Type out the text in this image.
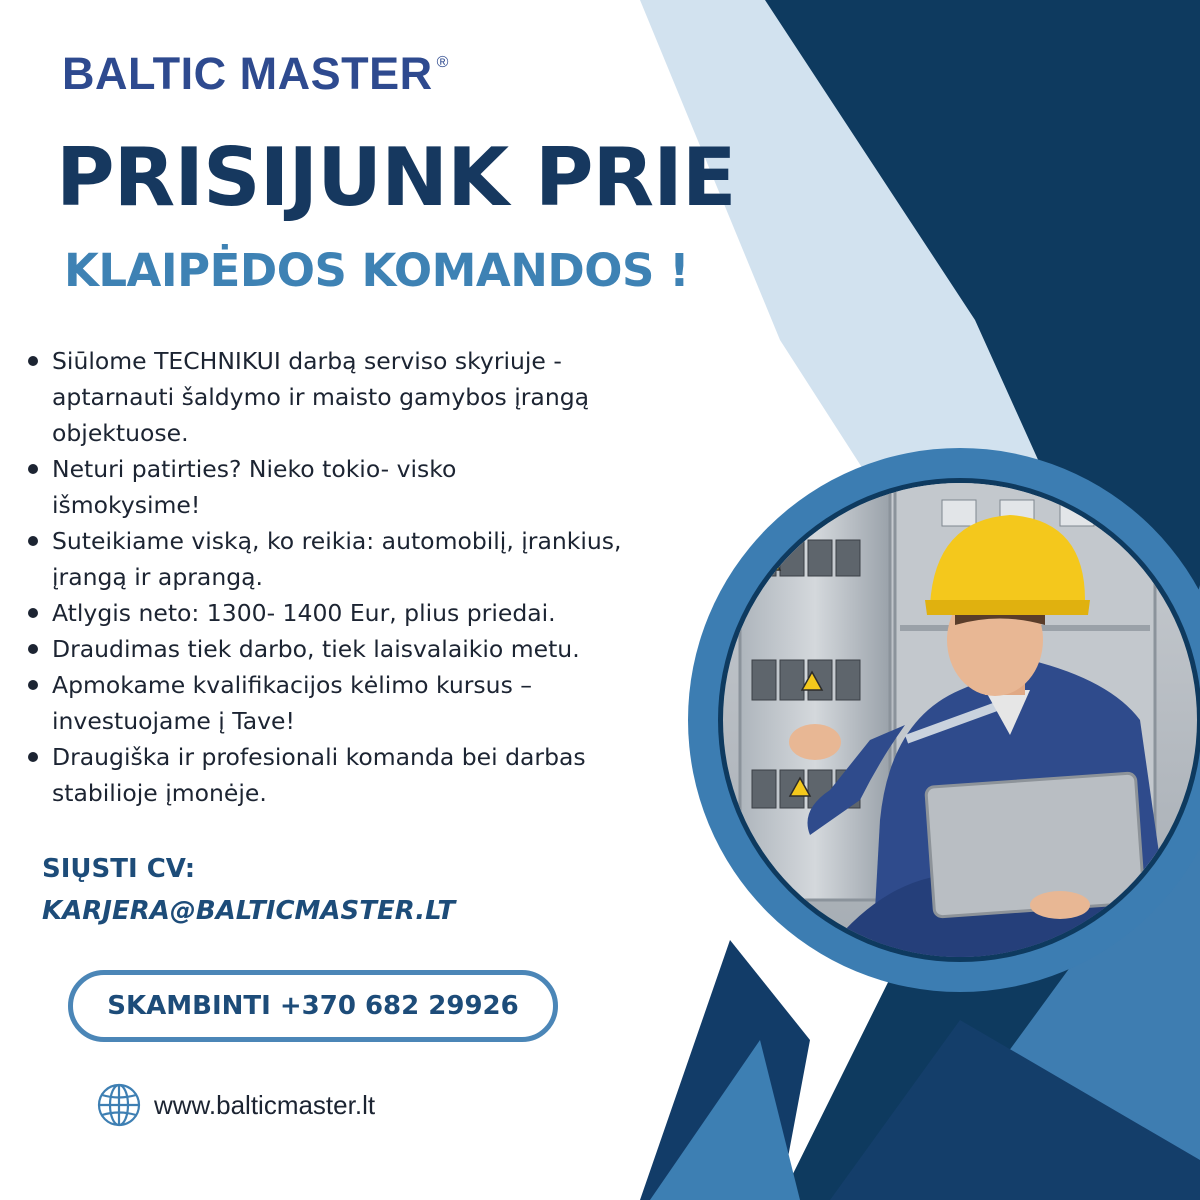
BALTIC MASTER ®
PRISIJUNK PRIE
KLAIPĖDOS KOMANDOS !
Siūlome TECHNIKUI darbą serviso skyriuje -
aptarnauti šaldymo ir maisto gamybos įrangą
objektuose.
Neturi patirties? Nieko tokio- visko
išmokysime!
Suteikiame viską, ko reikia: automobilį, įrankius,
įrangą ir aprangą.
Atlygis neto: 1300- 1400 Eur, plius priedai.
Draudimas tiek darbo, tiek laisvalaikio metu.
Apmokame kvalifikacijos kėlimo kursus –
investuojame į Tave!
Draugiška ir profesionali komanda bei darbas
stabilioje įmonėje.
SIŲSTI CV:
KARJERA@BALTICMASTER.LT
SKAMBINTI +370 682 29926
www.balticmaster.lt
